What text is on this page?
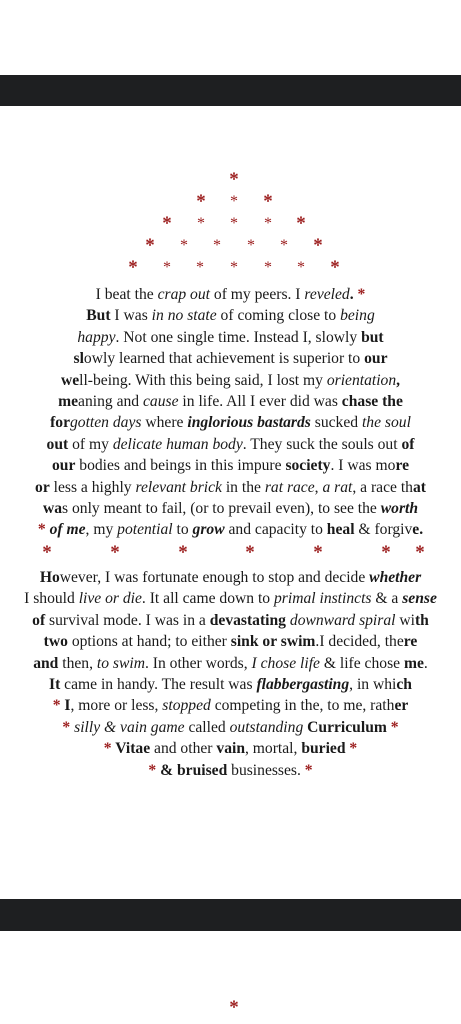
*
* * *
* * * * *
* * * * * *
* * * * * * *
I beat the crap out of my peers. I reveled. *
But I was in no state of coming close to being
happy. Not one single time. Instead I, slowly but
slowly learned that achievement is superior to our
well-being. With this being said, I lost my orientation,
meaning and cause in life. All I ever did was chase the
forgotten days where inglorious bastards sucked the soul
out of my delicate human body. They suck the souls out of
our bodies and beings in this impure society. I was more
or less a highly relevant brick in the rat race, a rat, a race that
was only meant to fail, (or to prevail even), to see the worth
* of me, my potential to grow and capacity to heal & forgive.
*	*	*	*	*	* *
However, I was fortunate enough to stop and decide whether
I should live or die. It all came down to primal instincts & a sense
of survival mode. I was in a devastating downward spiral with
two options at hand; to either sink or swim.I decided, there
and then, to swim. In other words, I chose life & life chose me.
It came in handy. The result was flabbergasting, in which
* I, more or less, stopped competing in the, to me, rather
* silly & vain game called outstanding Curriculum *
* Vitae and other vain, mortal, buried *
* & bruised businesses. *
*
